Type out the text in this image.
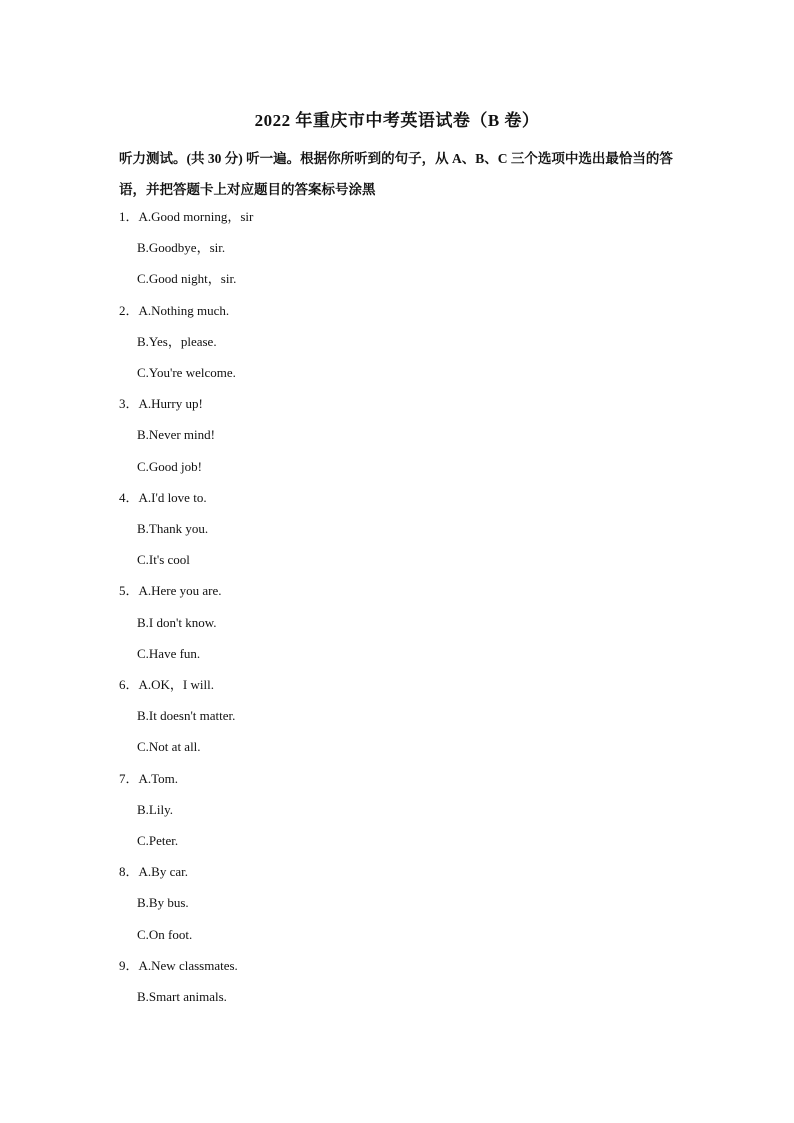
2022 年重庆市中考英语试卷（B 卷）
听力测试。(共 30 分) 听一遍。根据你所听到的句子，从 A、B、C 三个选项中选出最恰当的答语，并把答题卡上对应题目的答案标号涂黑
1．A.Good morning，sir
B.Goodbye，sir.
C.Good night，sir.
2．A.Nothing much.
B.Yes，please.
C.You're welcome.
3．A.Hurry up!
B.Never mind!
C.Good job!
4．A.I'd love to.
B.Thank you.
C.It's cool
5．A.Here you are.
B.I don't know.
C.Have fun.
6．A.OK，I will.
B.It doesn't matter.
C.Not at all.
7．A.Tom.
B.Lily.
C.Peter.
8．A.By car.
B.By bus.
C.On foot.
9．A.New classmates.
B.Smart animals.
